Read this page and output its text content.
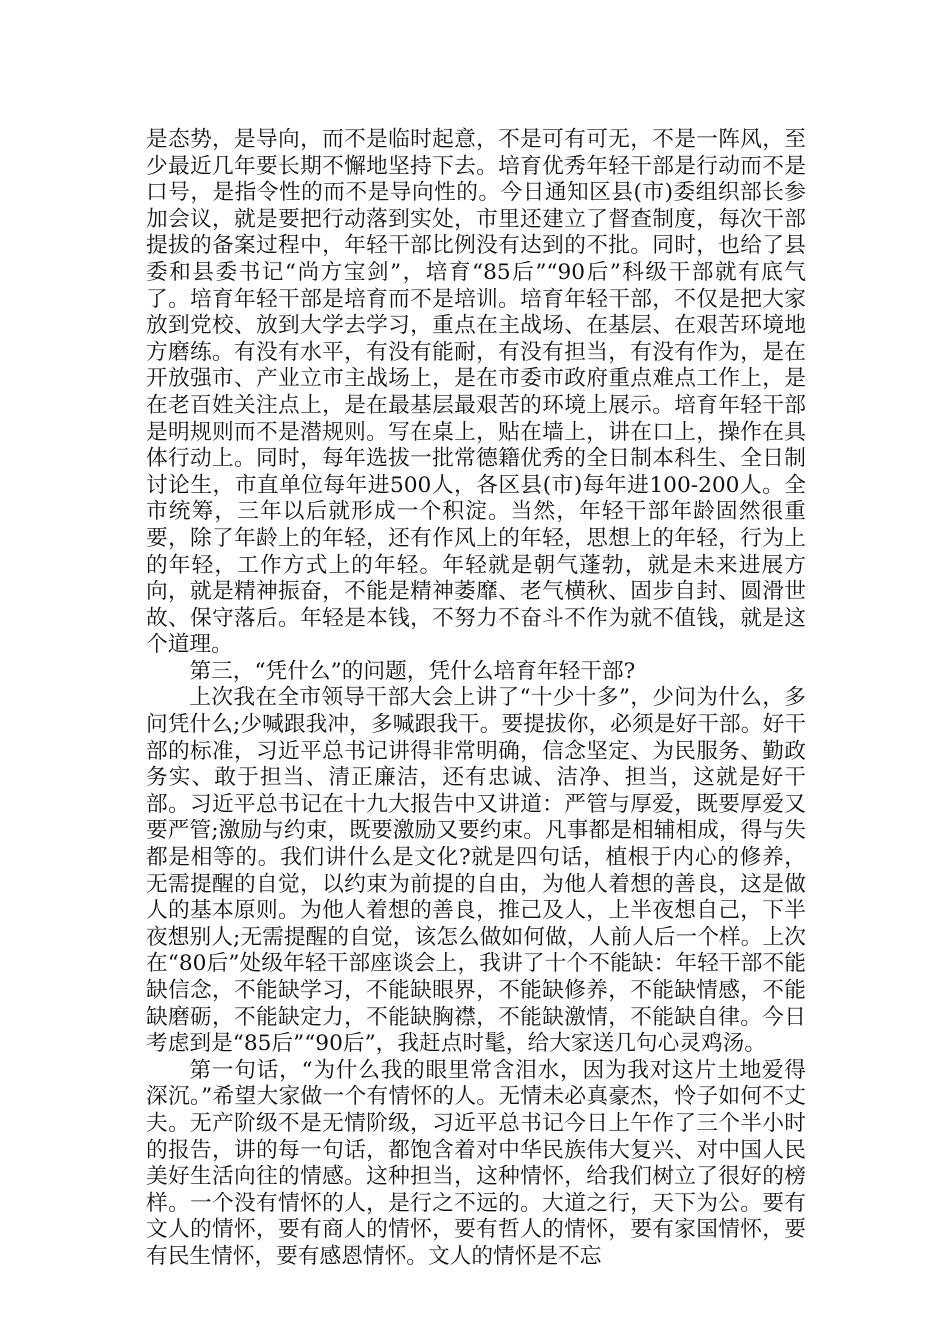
是态势，是导向，而不是临时起意，不是可有可无，不是一阵风，至少最近几年要长期不懈地坚持下去。培育优秀年轻干部是行动而不是口号，是指令性的而不是导向性的。今日通知区县(市)委组织部长参加会议，就是要把行动落到实处，市里还建立了督查制度，每次干部提拔的备案过程中，年轻干部比例没有达到的不批。同时，也给了县委和县委书记“尚方宝剑”，培育“85后”“90后”科级干部就有底气了。培育年轻干部是培育而不是培训。培育年轻干部，不仅是把大家放到党校、放到大学去学习，重点在主战场、在基层、在艰苦环境地方磨练。有没有水平，有没有能耐，有没有担当，有没有作为，是在开放强市、产业立市主战场上，是在市委市政府重点难点工作上，是在老百姓关注点上，是在最基层最艰苦的环境上展示。培育年轻干部是明规则而不是潜规则。写在桌上，贴在墙上，讲在口上，操作在具体行动上。同时，每年选拔一批常德籍优秀的全日制本科生、全日制讨论生，市直单位每年进500人，各区县(市)每年进100-200人。全市统筹，三年以后就形成一个积淀。当然，年轻干部年龄固然很重要，除了年龄上的年轻，还有作风上的年轻，思想上的年轻，行为上的年轻，工作方式上的年轻。年轻就是朝气蓬勃，就是未来进展方向，就是精神振奋，不能是精神萎靡、老气横秋、固步自封、圆滑世故、保守落后。年轻是本钱，不努力不奋斗不作为就不值钱，就是这个道理。

第三，“凭什么”的问题，凭什么培育年轻干部?

上次我在全市领导干部大会上讲了“十少十多”，少问为什么，多问凭什么;少喊跟我冲，多喊跟我干。要提拔你，必须是好干部。好干部的标准，习近平总书记讲得非常明确，信念坚定、为民服务、勤政务实、敢于担当、清正廉洁，还有忠诚、洁净、担当，这就是好干部。习近平总书记在十九大报告中又讲道：严管与厚爱，既要厚爱又要严管;激励与约束，既要激励又要约束。凡事都是相辅相成，得与失都是相等的。我们讲什么是文化?就是四句话，植根于内心的修养，无需提醒的自觉，以约束为前提的自由，为他人着想的善良，这是做人的基本原则。为他人着想的善良，推己及人，上半夜想自己，下半夜想别人;无需提醒的自觉，该怎么做如何做，人前人后一个样。上次在“80后”处级年轻干部座谈会上，我讲了十个不能缺：年轻干部不能缺信念，不能缺学习，不能缺眼界，不能缺修养，不能缺情感，不能缺磨砺，不能缺定力，不能缺胸襟，不能缺激情，不能缺自律。今日考虑到是“85后”“90后”，我赶点时髦，给大家送几句心灵鸡汤。

第一句话，“为什么我的眼里常含泪水，因为我对这片土地爱得深沉。”希望大家做一个有情怀的人。无情未必真豪杰，怜子如何不丈夫。无产阶级不是无情阶级，习近平总书记今日上午作了三个半小时的报告，讲的每一句话，都饱含着对中华民族伟大复兴、对中国人民美好生活向往的情感。这种担当，这种情怀，给我们树立了很好的榜样。一个没有情怀的人，是行之不远的。大道之行，天下为公。要有文人的情怀，要有商人的情怀，要有哲人的情怀，要有家国情怀，要有民生情怀，要有感恩情怀。文人的情怀是不忘
